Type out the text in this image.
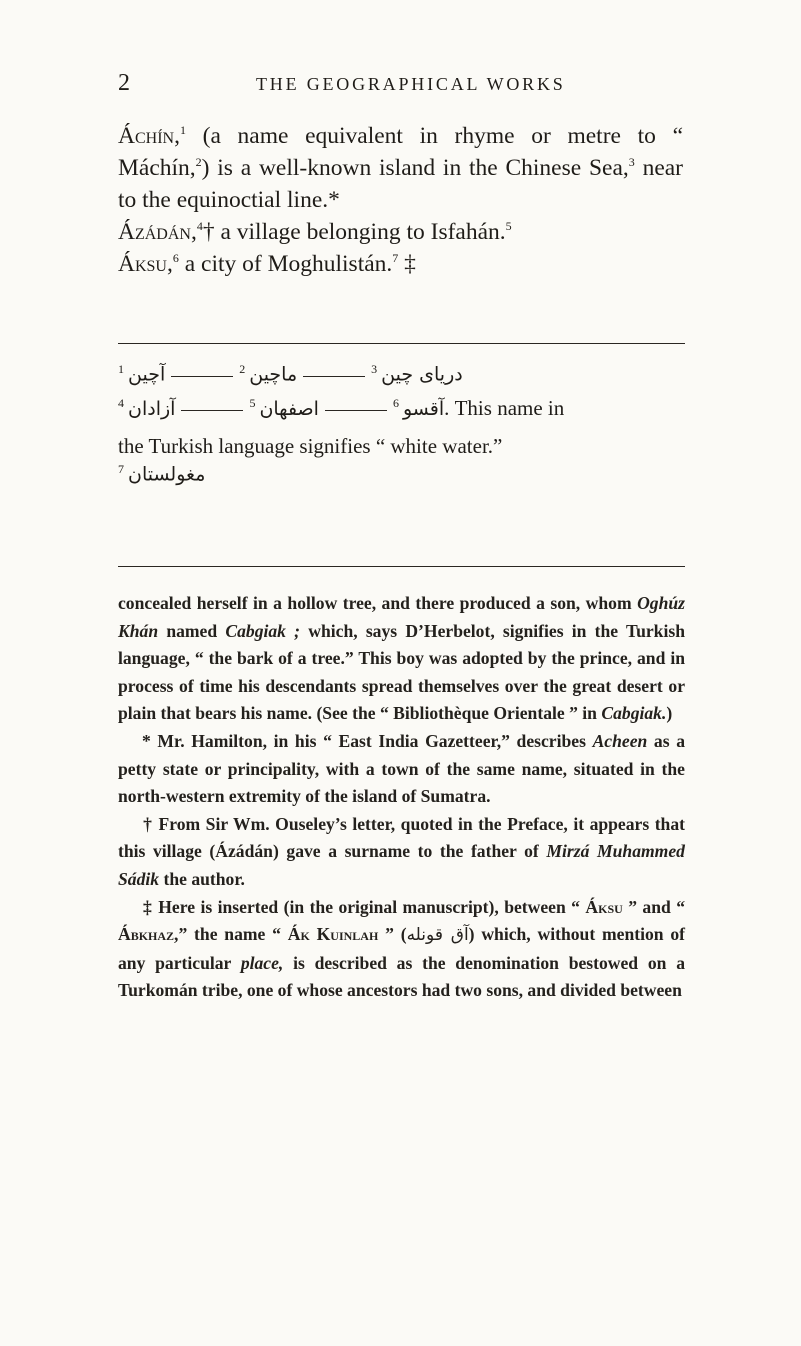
2	THE GEOGRAPHICAL WORKS

Áchín,$^1$ (a name equivalent in rhyme or metre to “ Máchín,$^2$) is a well-known island in the Chinese Sea,$^3$ near to the equinoctial line.*

Ázádán,$^4$† a village belonging to Isfahán.$^5$

Áksu,$^6$ a city of Moghulistán.$^7$ ‡

$^1$ آچين	$^2$ ماچين	$^3$ دريای چين
$^4$ آزادان	$^5$ اصفهان	$^6$ آقسو. This name in

the Turkish language signifies “ white water.”

$^7$ مغولستان

concealed herself in a hollow tree, and there produced a son, whom Oghúz Khán named Cabgiak ; which, says D’Herbelot, signifies in the Turkish language, “ the bark of a tree.” This boy was adopted by the prince, and in process of time his descendants spread themselves over the great desert or plain that bears his name. (See the “ Bibliothèque Orientale ” in Cabgiak.)

* Mr. Hamilton, in his “ East India Gazetteer,” describes Acheen as a petty state or principality, with a town of the same name, situated in the north-western extremity of the island of Sumatra.

† From Sir Wm. Ouseley’s letter, quoted in the Preface, it appears that this village (Ázádán) gave a surname to the father of Mirzá Muhammed Sádik the author.

‡ Here is inserted (in the original manuscript), between “ Áksu ” and “ Ábkhaz,” the name “ Ák Kuinlah ” (آق قونله) which, without mention of any particular place, is described as the denomination bestowed on a Turkomán tribe, one of whose ancestors had two sons, and divided between
